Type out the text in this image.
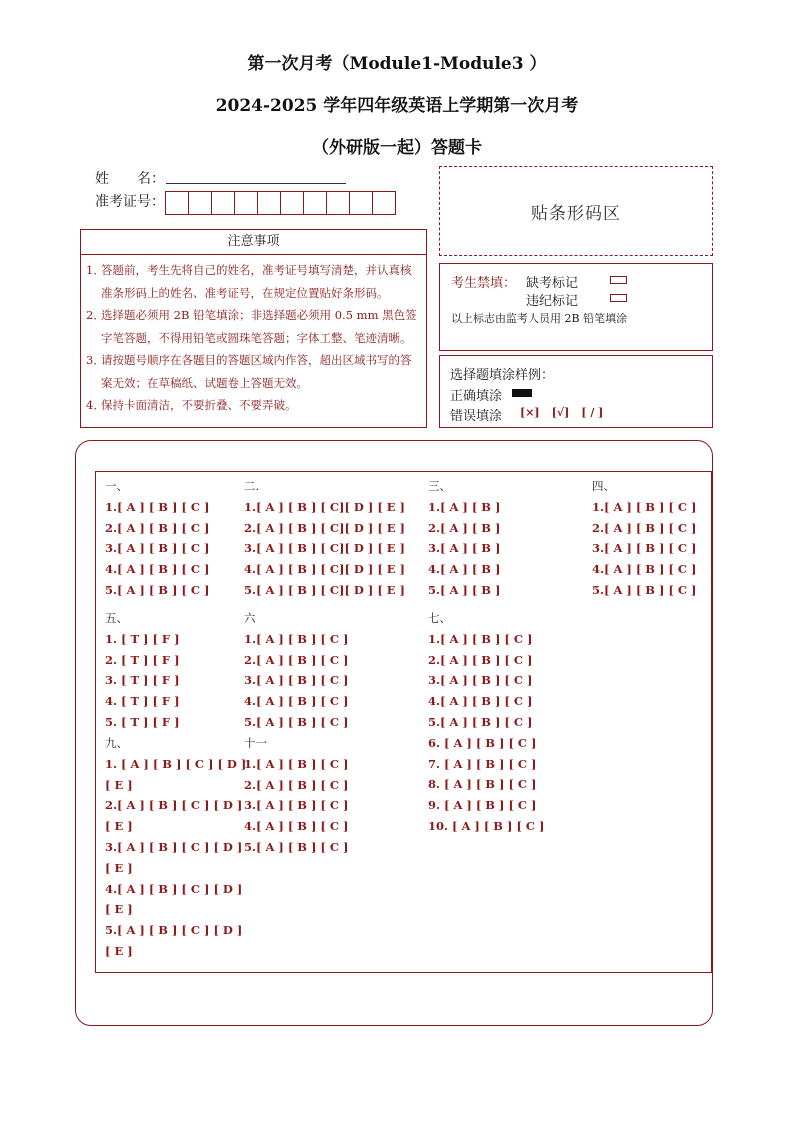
第一次月考（Module1-Module3 ）
2024-2025 学年四年级英语上学期第一次月考
（外研版一起）答题卡
姓　　名：
准考证号：
贴条形码区
注意事项
1．
答题前，考生先将自己的姓名，准考证号填写清楚，并认真核准条形码上的姓名、准考证号，在规定位置贴好条形码。
2．
选择题必须用 2B 铅笔填涂；非选择题必须用 0.5 mm 黑色签字笔答题，不得用铅笔或圆珠笔答题；字体工整、笔迹清晰。
3．
请按题号顺序在各题目的答题区域内作答，超出区域书写的答案无效；在草稿纸、试题卷上答题无效。
4．
保持卡面清洁，不要折叠、不要弄破。
考生禁填： 缺考标记
违纪标记
以上标志由监考人员用 2B 铅笔填涂
选择题填涂样例：
正确填涂
错误填涂 [×] [√] [ / ]
一、
1.[ A ] [ B ] [ C ]
2.[ A ] [ B ] [ C ]
3.[ A ] [ B ] [ C ]
4.[ A ] [ B ] [ C ]
5.[ A ] [ B ] [ C ]
二.
1.[ A ] [ B ] [ C][ D ] [ E ]
2.[ A ] [ B ] [ C][ D ] [ E ]
3.[ A ] [ B ] [ C][ D ] [ E ]
4.[ A ] [ B ] [ C][ D ] [ E ]
5.[ A ] [ B ] [ C][ D ] [ E ]
三、
1.[ A ] [ B ]
2.[ A ] [ B ]
3.[ A ] [ B ]
4.[ A ] [ B ]
5.[ A ] [ B ]
四、
1.[ A ] [ B ] [ C ]
2.[ A ] [ B ] [ C ]
3.[ A ] [ B ] [ C ]
4.[ A ] [ B ] [ C ]
5.[ A ] [ B ] [ C ]
五、
1. [ T ] [ F ]
2. [ T ] [ F ]
3. [ T ] [ F ]
4. [ T ] [ F ]
5. [ T ] [ F ]
六
1.[ A ] [ B ] [ C ]
2.[ A ] [ B ] [ C ]
3.[ A ] [ B ] [ C ]
4.[ A ] [ B ] [ C ]
5.[ A ] [ B ] [ C ]
七、
1.[ A ] [ B ] [ C ]
2.[ A ] [ B ] [ C ]
3.[ A ] [ B ] [ C ]
4.[ A ] [ B ] [ C ]
5.[ A ] [ B ] [ C ]
6. [ A ] [ B ] [ C ]
7. [ A ] [ B ] [ C ]
8. [ A ] [ B ] [ C ]
9. [ A ] [ B ] [ C ]
10. [ A ] [ B ] [ C ]
九、
1. [ A ] [ B ] [ C ] [ D ]
[ E ]
2.[ A ] [ B ] [ C ] [ D ]
[ E ]
3.[ A ] [ B ] [ C ] [ D ]
[ E ]
4.[ A ] [ B ] [ C ] [ D ]
[ E ]
5.[ A ] [ B ] [ C ] [ D ]
[ E ]
十一
1.[ A ] [ B ] [ C ]
2.[ A ] [ B ] [ C ]
3.[ A ] [ B ] [ C ]
4.[ A ] [ B ] [ C ]
5.[ A ] [ B ] [ C ]
